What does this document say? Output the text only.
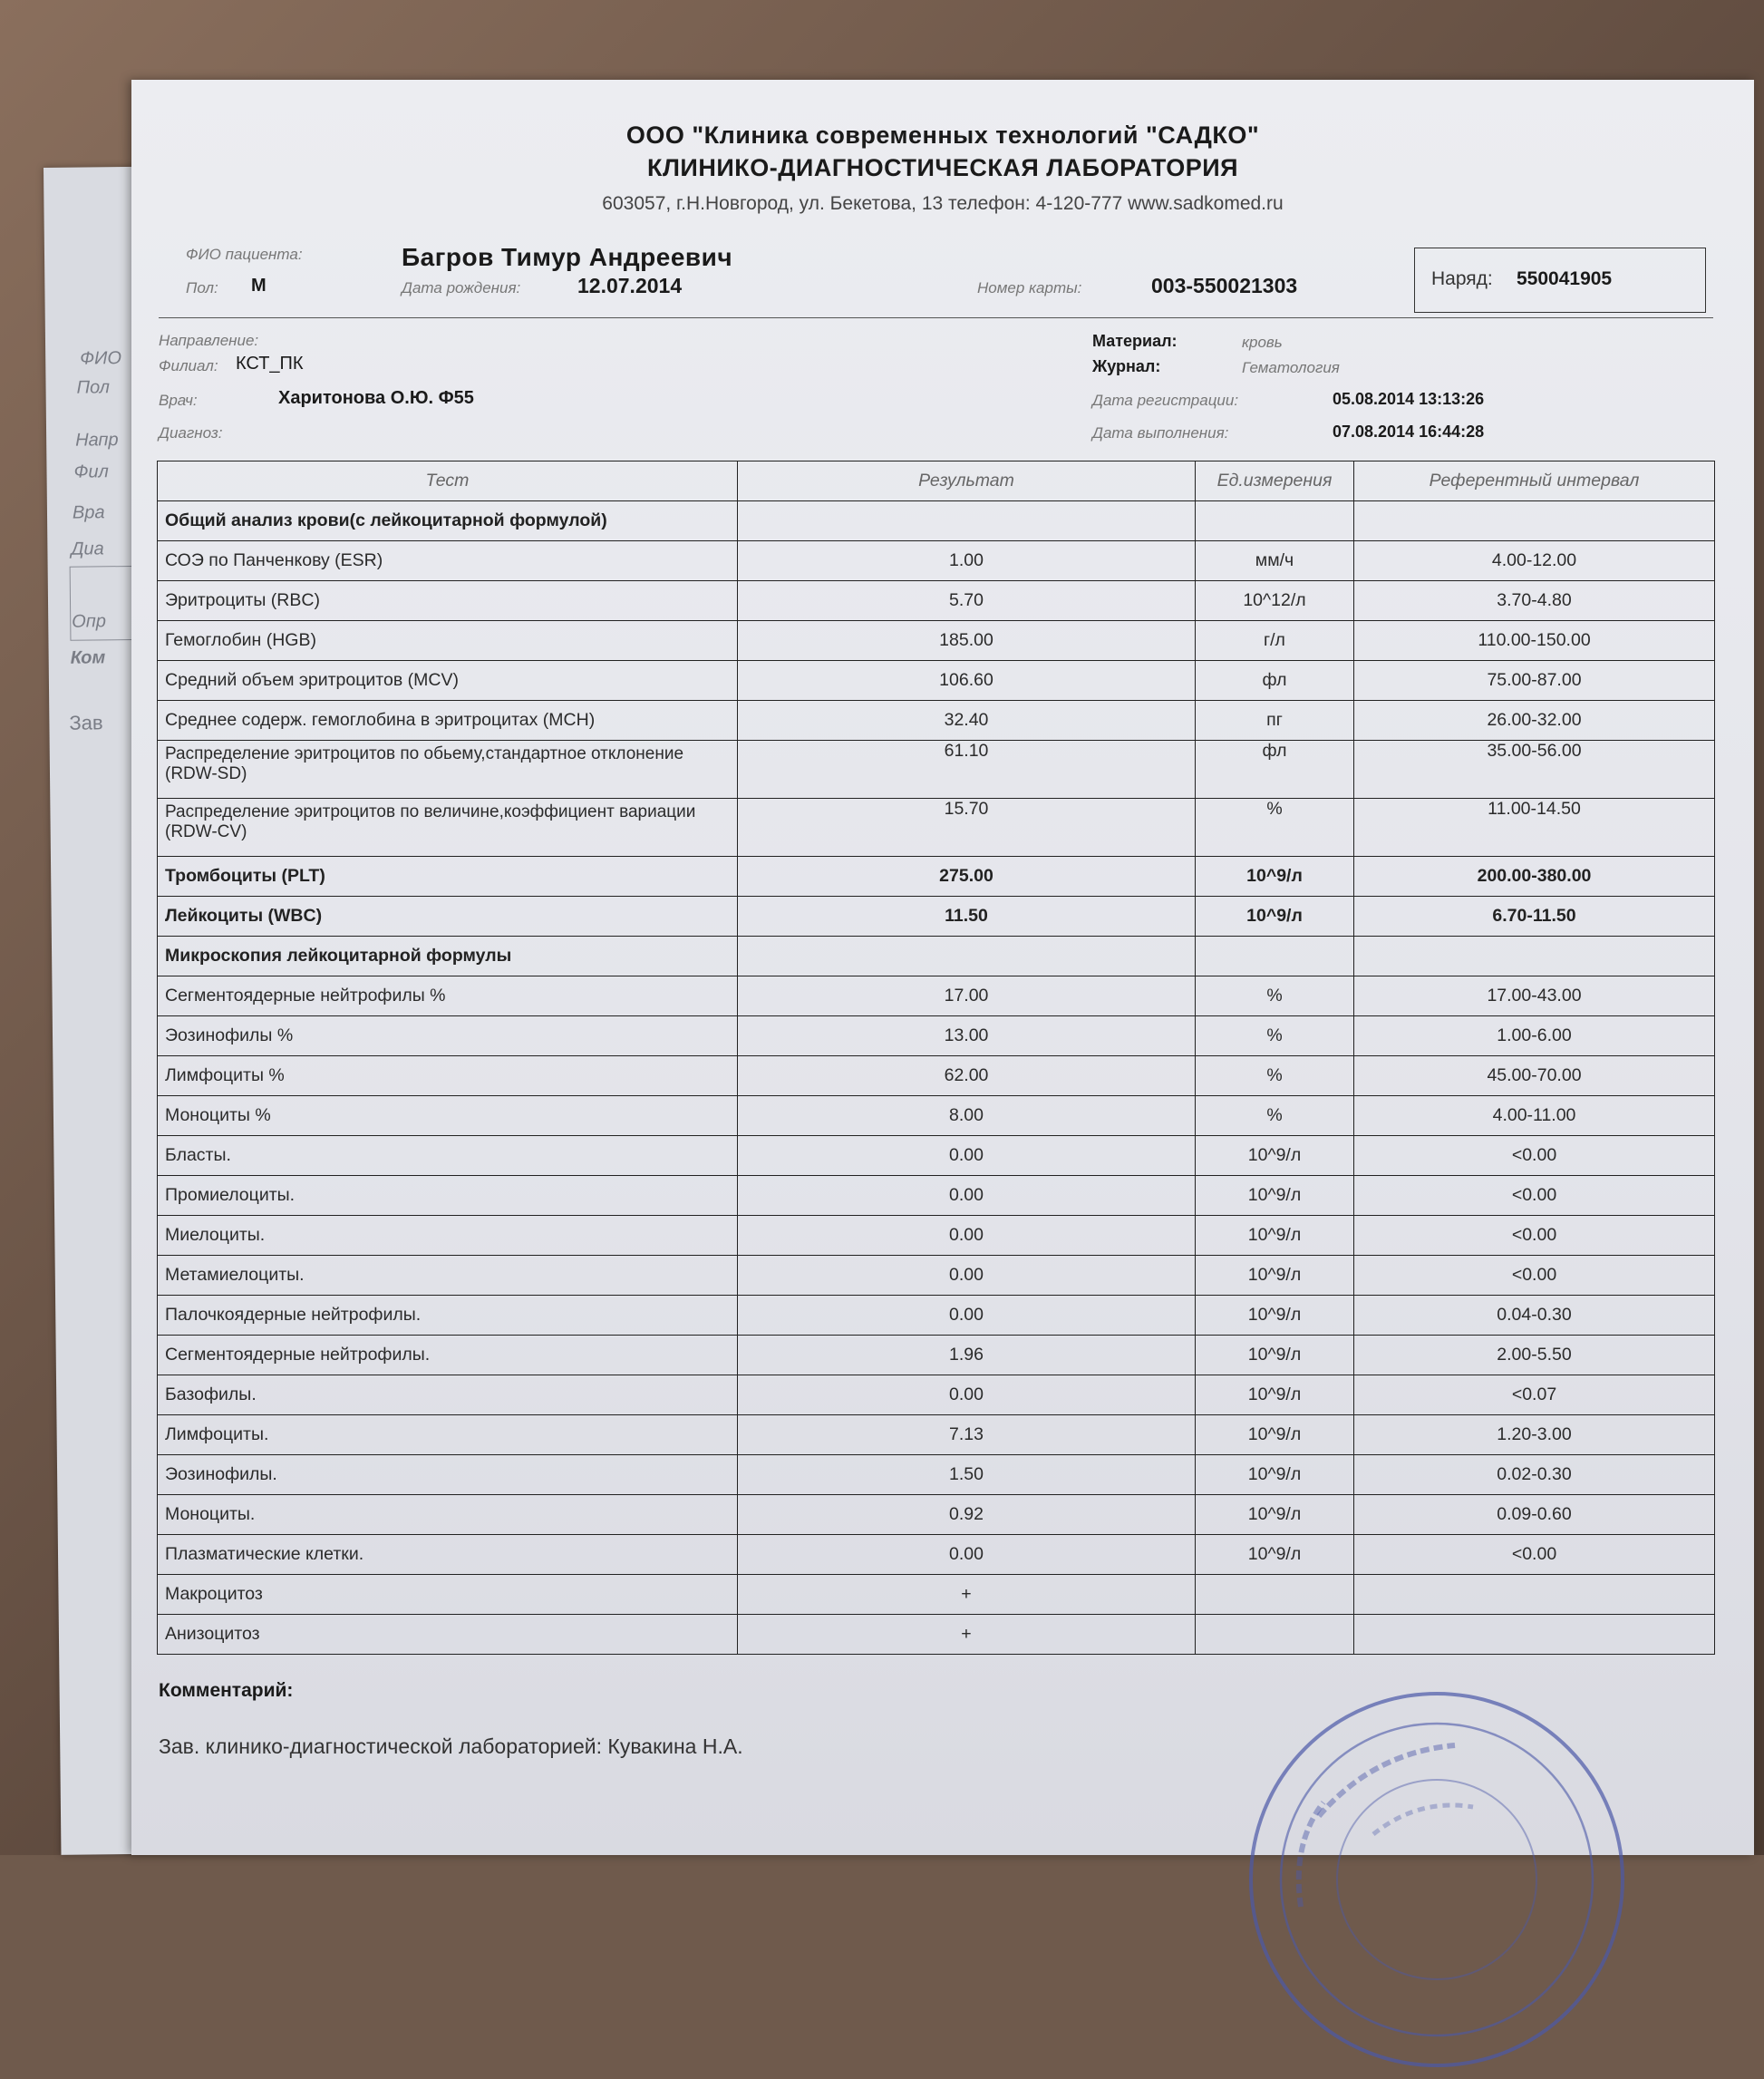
ФИО
Пол
Напр
Фил
Вра
Диа
Опр
Ком
Зав
ООО "Клиника современных технологий "САДКО"
КЛИНИКО-ДИАГНОСТИЧЕСКАЯ ЛАБОРАТОРИЯ
603057, г.Н.Новгород, ул. Бекетова, 13 телефон: 4-120-777 www.sadkomed.ru
ФИО пациента:	Багров Тимур Андреевич
Пол: М	Дата рождения:	12.07.2014	Номер карты:	003-550021303	Наряд: 550041905
Направление:
Филиал: КСТ_ПК
Врач:	Харитонова О.Ю. Ф55
Диагноз:
Материал:	кровь
Журнал:	Гематология
Дата регистрации:	05.08.2014 13:13:26
Дата выполнения:	07.08.2014 16:44:28
Тест	Результат	Ед.измерения	Референтный интервал
Общий анализ крови(с лейкоцитарной формулой)			
СОЭ по Панченкову (ESR)	1.00	мм/ч	4.00-12.00
Эритроциты (RBC)	5.70	10^12/л	3.70-4.80
Гемоглобин (HGB)	185.00	г/л	110.00-150.00
Средний объем эритроцитов (MCV)	106.60	фл	75.00-87.00
Среднее содерж. гемоглобина в эритроцитах (MCH)	32.40	пг	26.00-32.00
Распределение эритроцитов по обьему,стандартное отклонение (RDW-SD)	61.10	фл	35.00-56.00
Распределение эритроцитов по величине,коэффициент вариации (RDW-CV)	15.70	%	11.00-14.50
Тромбоциты (PLT)	275.00	10^9/л	200.00-380.00
Лейкоциты (WBC)	11.50	10^9/л	6.70-11.50
Микроскопия лейкоцитарной формулы			
Сегментоядерные нейтрофилы %	17.00	%	17.00-43.00
Эозинофилы %	13.00	%	1.00-6.00
Лимфоциты %	62.00	%	45.00-70.00
Моноциты %	8.00	%	4.00-11.00
Бласты.	0.00	10^9/л	<0.00
Промиелоциты.	0.00	10^9/л	<0.00
Миелоциты.	0.00	10^9/л	<0.00
Метамиелоциты.	0.00	10^9/л	<0.00
Палочкоядерные нейтрофилы.	0.00	10^9/л	0.04-0.30
Сегментоядерные нейтрофилы.	1.96	10^9/л	2.00-5.50
Базофилы.	0.00	10^9/л	<0.07
Лимфоциты.	7.13	10^9/л	1.20-3.00
Эозинофилы.	1.50	10^9/л	0.02-0.30
Моноциты.	0.92	10^9/л	0.09-0.60
Плазматические клетки.	0.00	10^9/л	<0.00
Макроцитоз	+		
Анизоцитоз	+		
Комментарий:
Зав. клинико-диагностической лабораторией: Кувакина Н.А.
